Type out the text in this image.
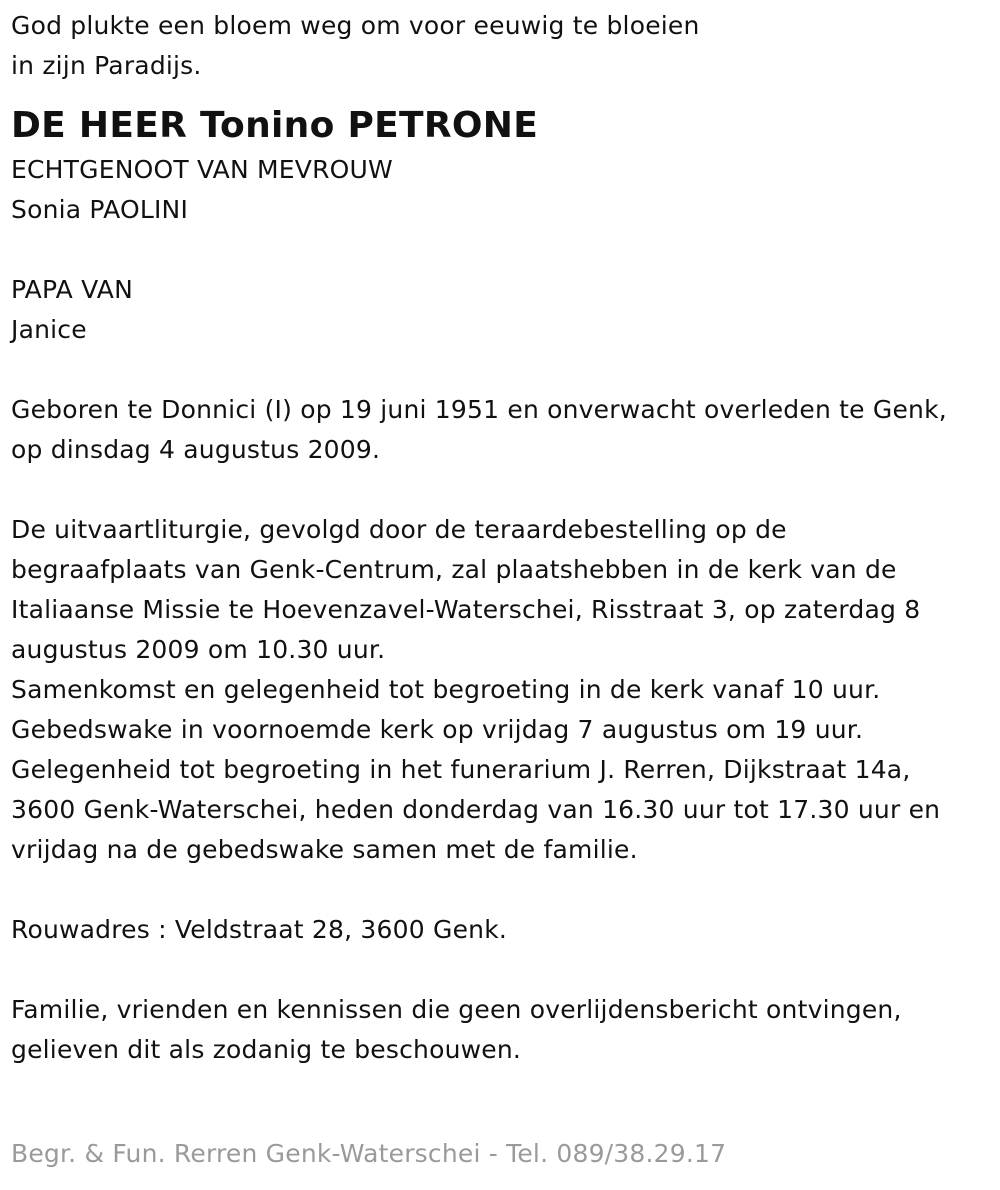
God plukte een bloem weg om voor eeuwig te bloeien
in zijn Paradijs.
DE HEER Tonino PETRONE
ECHTGENOOT VAN MEVROUW
Sonia PAOLINI
PAPA VAN
Janice
Geboren te Donnici (I) op 19 juni 1951 en onverwacht overleden te Genk,
op dinsdag 4 augustus 2009.
De uitvaartliturgie, gevolgd door de teraardebestelling op de
begraafplaats van Genk-Centrum, zal plaatshebben in de kerk van de
Italiaanse Missie te Hoevenzavel-Waterschei, Risstraat 3, op zaterdag 8
augustus 2009 om 10.30 uur.
Samenkomst en gelegenheid tot begroeting in de kerk vanaf 10 uur.
Gebedswake in voornoemde kerk op vrijdag 7 augustus om 19 uur.
Gelegenheid tot begroeting in het funerarium J. Rerren, Dijkstraat 14a,
3600 Genk-Waterschei, heden donderdag van 16.30 uur tot 17.30 uur en
vrijdag na de gebedswake samen met de familie.
Rouwadres : Veldstraat 28, 3600 Genk.
Familie, vrienden en kennissen die geen overlijdensbericht ontvingen,
gelieven dit als zodanig te beschouwen.
Begr. & Fun. Rerren Genk-Waterschei - Tel. 089/38.29.17
